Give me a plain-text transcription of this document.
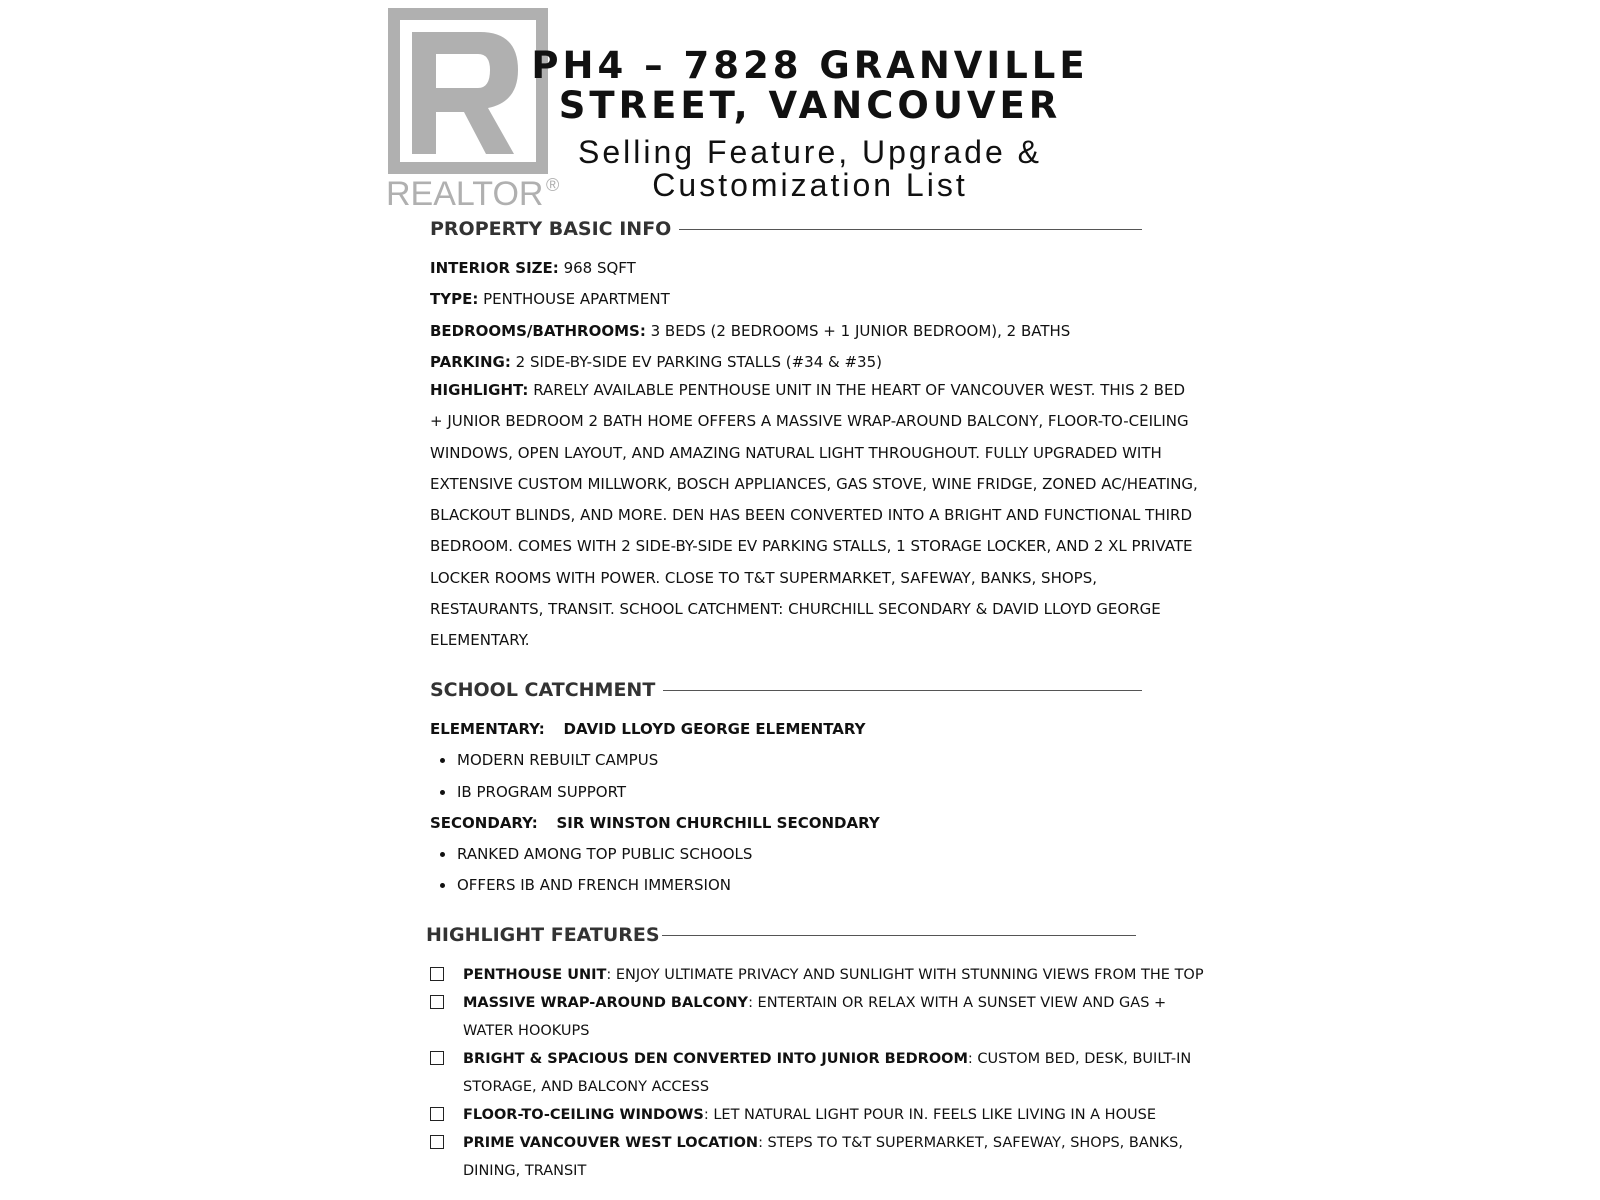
REALTOR ®
PH4 – 7828 GRANVILLE
STREET, VANCOUVER
Selling Feature, Upgrade &
Customization List
PROPERTY BASIC INFO
INTERIOR SIZE: 968 SQFT
TYPE: PENTHOUSE APARTMENT
BEDROOMS/BATHROOMS: 3 BEDS (2 BEDROOMS + 1 JUNIOR BEDROOM), 2 BATHS
PARKING: 2 SIDE-BY-SIDE EV PARKING STALLS (#34 & #35)

HIGHLIGHT: RARELY AVAILABLE PENTHOUSE UNIT IN THE HEART OF VANCOUVER WEST. THIS 2 BED + JUNIOR BEDROOM 2 BATH HOME OFFERS A MASSIVE WRAP-AROUND BALCONY, FLOOR-TO-CEILING WINDOWS, OPEN LAYOUT, AND AMAZING NATURAL LIGHT THROUGHOUT. FULLY UPGRADED WITH EXTENSIVE CUSTOM MILLWORK, BOSCH APPLIANCES, GAS STOVE, WINE FRIDGE, ZONED AC/HEATING, BLACKOUT BLINDS, AND MORE. DEN HAS BEEN CONVERTED INTO A BRIGHT AND FUNCTIONAL THIRD BEDROOM. COMES WITH 2 SIDE-BY-SIDE EV PARKING STALLS, 1 STORAGE LOCKER, AND 2 XL PRIVATE LOCKER ROOMS WITH POWER. CLOSE TO T&T SUPERMARKET, SAFEWAY, BANKS, SHOPS, RESTAURANTS, TRANSIT. SCHOOL CATCHMENT: CHURCHILL SECONDARY & DAVID LLOYD GEORGE ELEMENTARY.

SCHOOL CATCHMENT
ELEMENTARY: DAVID LLOYD GEORGE ELEMENTARY
MODERN REBUILT CAMPUS
IB PROGRAM SUPPORT
SECONDARY: SIR WINSTON CHURCHILL SECONDARY
RANKED AMONG TOP PUBLIC SCHOOLS
OFFERS IB AND FRENCH IMMERSION
HIGHLIGHT FEATURES

PENTHOUSE UNIT: ENJOY ULTIMATE PRIVACY AND SUNLIGHT WITH STUNNING VIEWS FROM THE TOP

MASSIVE WRAP-AROUND BALCONY: ENTERTAIN OR RELAX WITH A SUNSET VIEW AND GAS + WATER HOOKUPS

BRIGHT & SPACIOUS DEN CONVERTED INTO JUNIOR BEDROOM: CUSTOM BED, DESK, BUILT-IN STORAGE, AND BALCONY ACCESS

FLOOR-TO-CEILING WINDOWS: LET NATURAL LIGHT POUR IN. FEELS LIKE LIVING IN A HOUSE

PRIME VANCOUVER WEST LOCATION: STEPS TO T&T SUPERMARKET, SAFEWAY, SHOPS, BANKS, DINING, TRANSIT
